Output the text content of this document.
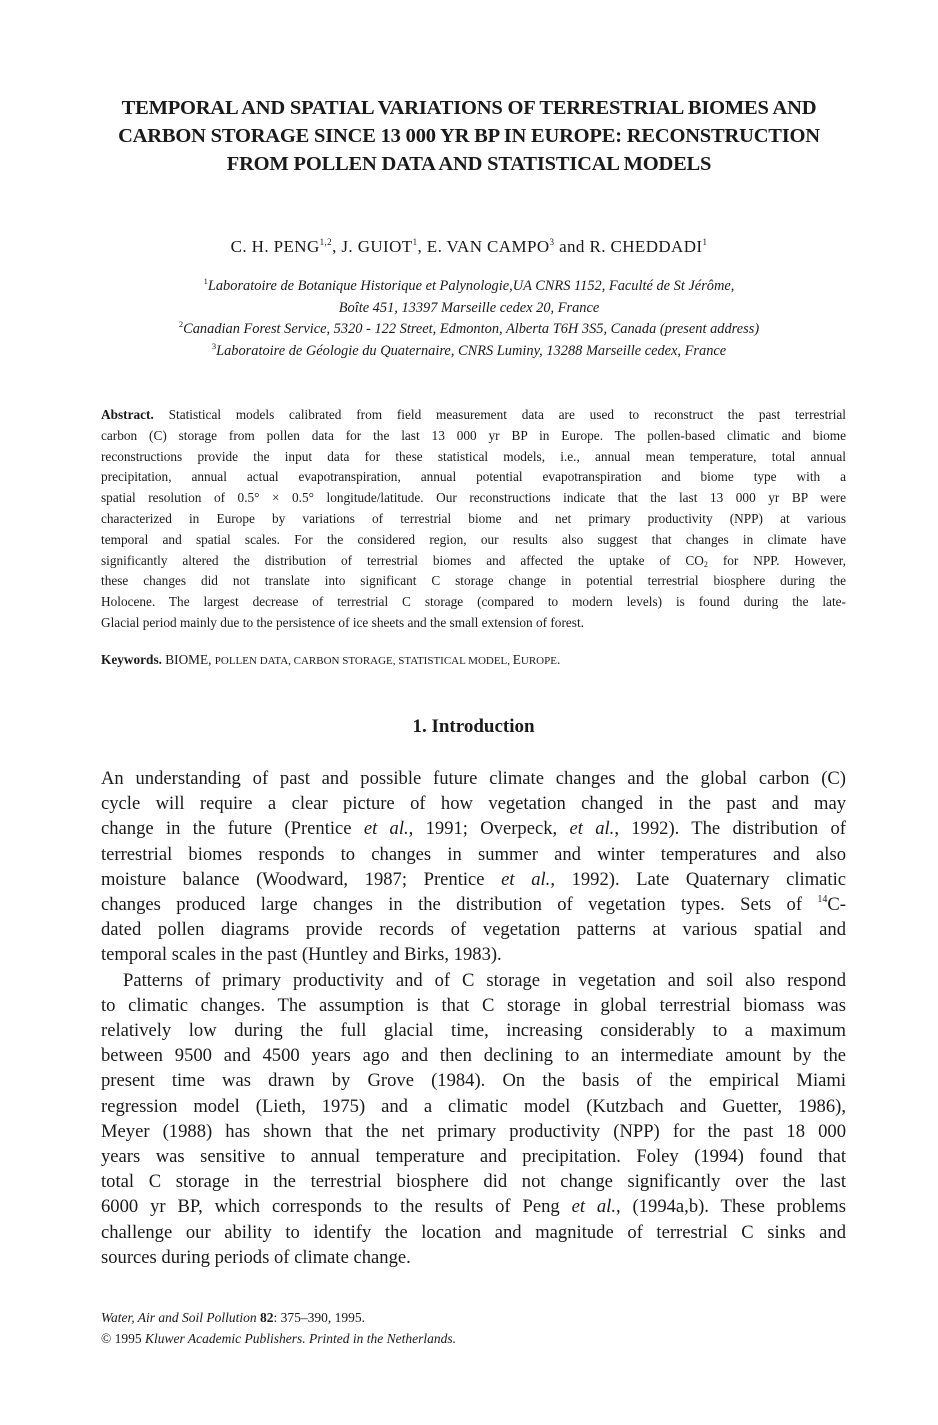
TEMPORAL AND SPATIAL VARIATIONS OF TERRESTRIAL BIOMES AND
CARBON STORAGE SINCE 13 000 YR BP IN EUROPE: RECONSTRUCTION
FROM POLLEN DATA AND STATISTICAL MODELS
C. H. PENG$^{1,2}$, J. GUIOT$^1$, E. VAN CAMPO$^3$ and R. CHEDDADI$^1$
$^1$Laboratoire de Botanique Historique et Palynologie,UA CNRS 1152, Faculté de St Jérôme,
Boîte 451, 13397 Marseille cedex 20, France
$^2$Canadian Forest Service, 5320 - 122 Street, Edmonton, Alberta T6H 3S5, Canada (present address)
$^3$Laboratoire de Géologie du Quaternaire, CNRS Luminy, 13288 Marseille cedex, France
Abstract. Statistical models calibrated from field measurement data are used to reconstruct the past terrestrial
carbon (C) storage from pollen data for the last 13 000 yr BP in Europe. The pollen-based climatic and biome
reconstructions provide the input data for these statistical models, i.e., annual mean temperature, total annual
precipitation, annual actual evapotranspiration, annual potential evapotranspiration and biome type with a
spatial resolution of 0.5° × 0.5° longitude/latitude. Our reconstructions indicate that the last 13 000 yr BP were
characterized in Europe by variations of terrestrial biome and net primary productivity (NPP) at various
temporal and spatial scales. For the considered region, our results also suggest that changes in climate have
significantly altered the distribution of terrestrial biomes and affected the uptake of $CO_2$ for NPP. However,
these changes did not translate into significant C storage change in potential terrestrial biosphere during the
Holocene. The largest decrease of terrestrial C storage (compared to modern levels) is found during the late-
Glacial period mainly due to the persistence of ice sheets and the small extension of forest.
Keywords. BIOME, POLLEN DATA, CARBON STORAGE, STATISTICAL MODEL, EUROPE.
1. Introduction
An understanding of past and possible future climate changes and the global carbon (C)
cycle will require a clear picture of how vegetation changed in the past and may
change in the future (Prentice et al., 1991; Overpeck, et al., 1992). The distribution of
terrestrial biomes responds to changes in summer and winter temperatures and also
moisture balance (Woodward, 1987; Prentice et al., 1992). Late Quaternary climatic
changes produced large changes in the distribution of vegetation types. Sets of $^{14}$C-
dated pollen diagrams provide records of vegetation patterns at various spatial and
temporal scales in the past (Huntley and Birks, 1983).
Patterns of primary productivity and of C storage in vegetation and soil also respond
to climatic changes. The assumption is that C storage in global terrestrial biomass was
relatively low during the full glacial time, increasing considerably to a maximum
between 9500 and 4500 years ago and then declining to an intermediate amount by the
present time was drawn by Grove (1984). On the basis of the empirical Miami
regression model (Lieth, 1975) and a climatic model (Kutzbach and Guetter, 1986),
Meyer (1988) has shown that the net primary productivity (NPP) for the past 18 000
years was sensitive to annual temperature and precipitation. Foley (1994) found that
total C storage in the terrestrial biosphere did not change significantly over the last
6000 yr BP, which corresponds to the results of Peng et al., (1994a,b). These problems
challenge our ability to identify the location and magnitude of terrestrial C sinks and
sources during periods of climate change.
Water, Air and Soil Pollution 82: 375–390, 1995.
© 1995 Kluwer Academic Publishers. Printed in the Netherlands.
